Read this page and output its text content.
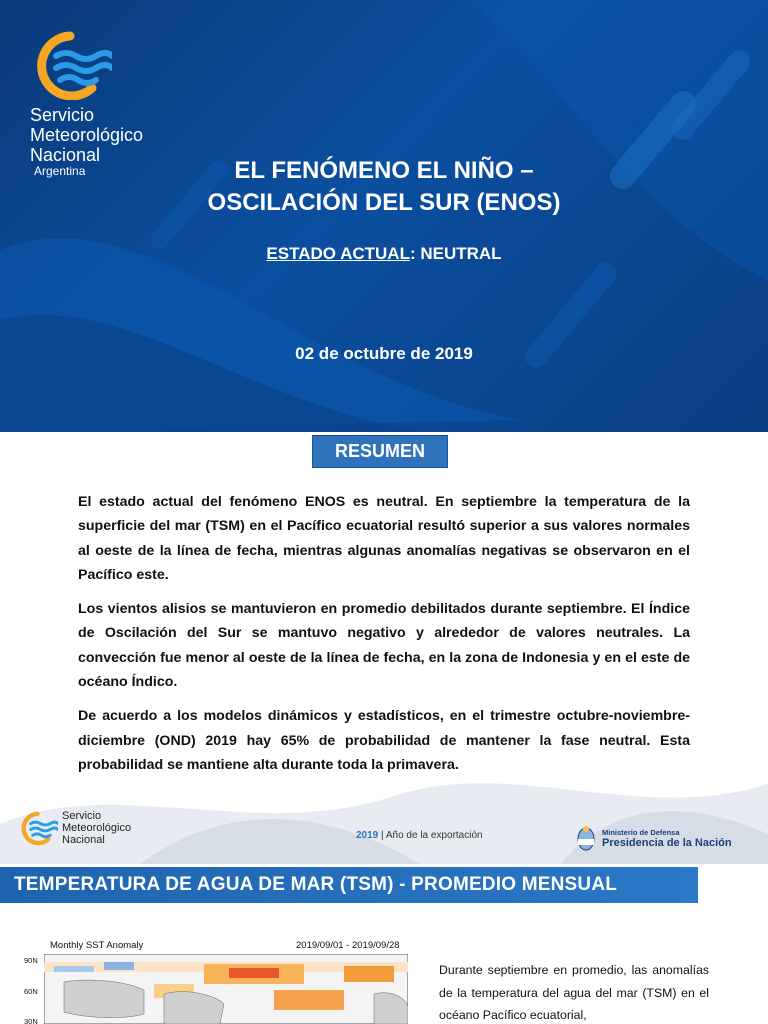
Servicio
Meteorológico
Nacional
Argentina	EL FENÓMENO EL NIÑO –
OSCILACIÓN DEL SUR (ENOS)
ESTADO ACTUAL: NEUTRAL
02 de octubre de 2019
RESUMEN

El estado actual del fenómeno ENOS es neutral. En septiembre la temperatura de la superficie del mar (TSM) en el Pacífico ecuatorial resultó superior a sus valores normales al oeste de la línea de fecha, mientras algunas anomalías negativas se observaron en el Pacífico este.

Los vientos alisios se mantuvieron en promedio debilitados durante septiembre. El Índice de Oscilación del Sur se mantuvo negativo y alrededor de valores neutrales. La convección fue menor al oeste de la línea de fecha, en la zona de Indonesia y en el este de océano Índico.

De acuerdo a los modelos dinámicos y estadísticos, en el trimestre octubre-noviembre-diciembre (OND) 2019 hay 65% de probabilidad de mantener la fase neutral. Esta probabilidad se mantiene alta durante toda la primavera.

Servicio
Meteorológico
Nacional	2019 | Año de la exportación	Ministerio de Defensa
Presidencia de la Nación
TEMPERATURA DE AGUA DE MAR (TSM) - PROMEDIO MENSUAL
Monthly SST Anomaly	2019/09/01 - 2019/09/28
90N
60N
30N
Durante septiembre en promedio, las anomalías de la temperatura del agua del mar (TSM) en el océano Pacífico ecuatorial,
